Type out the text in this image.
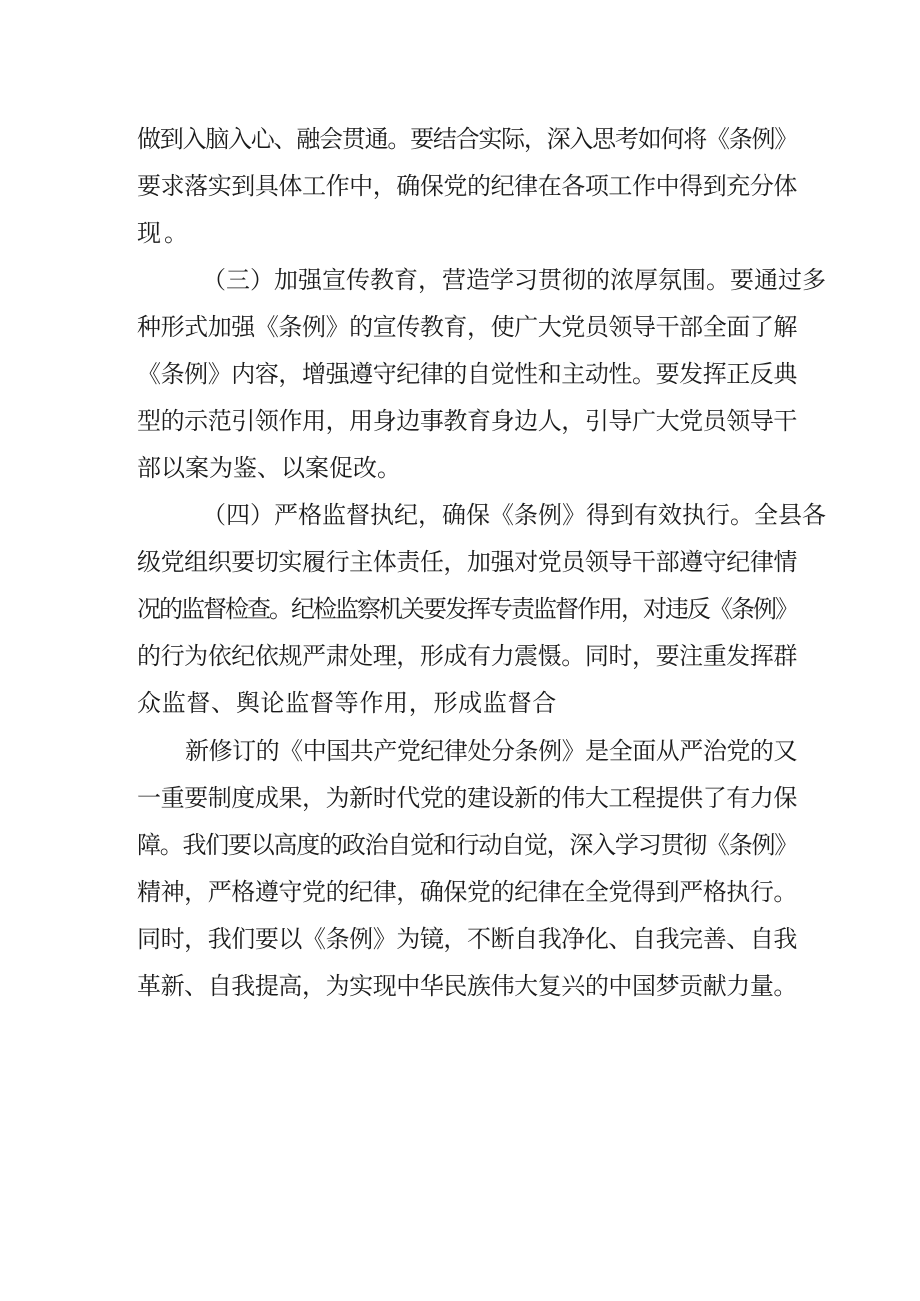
做到入脑入心、融会贯通。要结合实际，深入思考如何将《条例》
要求落实到具体工作中，确保党的纪律在各项工作中得到充分体
现。
（三）加强宣传教育，营造学习贯彻的浓厚氛围。要通过多
种形式加强《条例》的宣传教育，使广大党员领导干部全面了解
《条例》内容，增强遵守纪律的自觉性和主动性。要发挥正反典
型的示范引领作用，用身边事教育身边人，引导广大党员领导干
部以案为鉴、以案促改。
（四）严格监督执纪，确保《条例》得到有效执行。全县各
级党组织要切实履行主体责任，加强对党员领导干部遵守纪律情
况的监督检查。纪检监察机关要发挥专责监督作用，对违反《条例》
的行为依纪依规严肃处理，形成有力震慑。同时，要注重发挥群
众监督、舆论监督等作用，形成监督合
新修订的《中国共产党纪律处分条例》是全面从严治党的又
一重要制度成果，为新时代党的建设新的伟大工程提供了有力保
障。我们要以高度的政治自觉和行动自觉，深入学习贯彻《条例》
精神，严格遵守党的纪律，确保党的纪律在全党得到严格执行。
同时，我们要以《条例》为镜，不断自我净化、自我完善、自我
革新、自我提高，为实现中华民族伟大复兴的中国梦贡献力量。
